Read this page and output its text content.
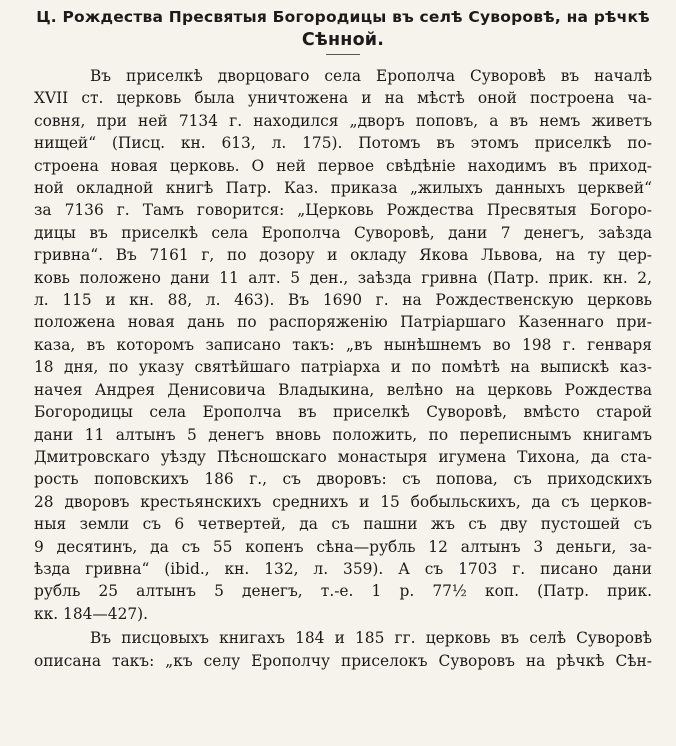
Ц. Рождества Пресвятыя Богородицы въ селѣ Суворовѣ, на рѣчкѣ
Сѣнной.

Въ приселкѣ дворцоваго села Ерополча Суворовѣ въ началѣ
XVII ст. церковь была уничтожена и на мѣстѣ оной построена ча-
совня, при ней 7134 г. находился „дворъ поповъ, а въ немъ живетъ
нищей“ (Писц. кн. 613, л. 175). Потомъ въ этомъ приселкѣ по-
строена новая церковь. О ней первое свѣдѣніе находимъ въ приход-
ной окладной книгѣ Патр. Каз. приказа „жилыхъ данныхъ церквей“
за 7136 г. Тамъ говорится: „Церковь Рождества Пресвятыя Богоро-
дицы въ приселкѣ села Ерополча Суворовѣ, дани 7 денегъ, заѣзда
гривна“. Въ 7161 г, по дозору и окладу Якова Львова, на ту цер-
ковь положено дани 11 алт. 5 ден., заѣзда гривна (Патр. прик. кн. 2,
л. 115 и кн. 88, л. 463). Въ 1690 г. на Рождественскую церковь
положена новая дань по распоряженію Патріаршаго Казеннаго при-
каза, въ которомъ записано такъ: „въ нынѣшнемъ во 198 г. генваря
18 дня, по указу святѣйшаго патріарха и по помѣтѣ на выпискѣ каз-
начея Андрея Денисовича Владыкина, велѣно на церковь Рождества
Богородицы села Ерополча въ приселкѣ Суворовѣ, вмѣсто старой
дани 11 алтынъ 5 денегъ вновь положить, по переписнымъ книгамъ
Дмитровскаго уѣзду Пѣсношскаго монастыря игумена Тихона, да ста-
рость поповскихъ 186 г., съ дворовъ: съ попова, съ приходскихъ
28 дворовъ крестьянскихъ среднихъ и 15 бобыльскихъ, да съ церков-
ныя земли съ 6 четвертей, да съ пашни жъ съ дву пустошей съ
9 десятинъ, да съ 55 копенъ сѣна—рубль 12 алтынъ 3 деньги, за-
ѣзда гривна“ (ibid., кн. 132, л. 359). А съ 1703 г. писано дани
рубль 25 алтынъ 5 денегъ, т.-е. 1 р. 77½ коп. (Патр. прик.
кк. 184—427).

Въ писцовыхъ книгахъ 184 и 185 гг. церковь въ селѣ Суворовѣ
описана такъ: „къ селу Ерополчу приселокъ Суворовъ на рѣчкѣ Сѣн-
